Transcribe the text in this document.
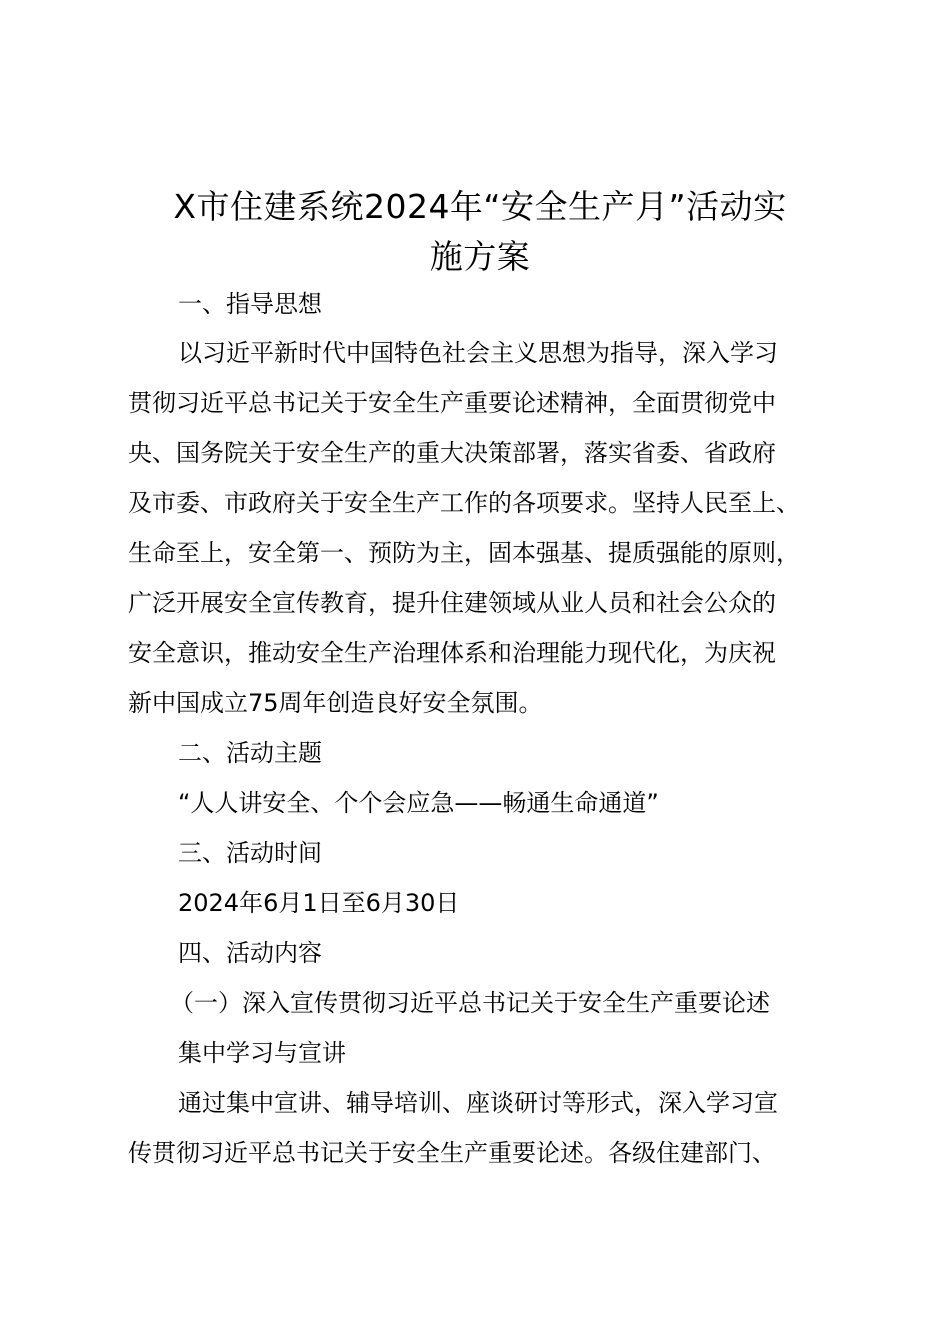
X市住建系统2024年“安全生产月”活动实
施方案
一、指导思想
以习近平新时代中国特色社会主义思想为指导，深入学习
贯彻习近平总书记关于安全生产重要论述精神，全面贯彻党中
央、国务院关于安全生产的重大决策部署，落实省委、省政府
及市委、市政府关于安全生产工作的各项要求。坚持人民至上、
生命至上，安全第一、预防为主，固本强基、提质强能的原则，
广泛开展安全宣传教育，提升住建领域从业人员和社会公众的
安全意识，推动安全生产治理体系和治理能力现代化，为庆祝
新中国成立75周年创造良好安全氛围。
二、活动主题
“人人讲安全、个个会应急——畅通生命通道”
三、活动时间
2024年6月1日至6月30日
四、活动内容
（一）深入宣传贯彻习近平总书记关于安全生产重要论述
集中学习与宣讲
通过集中宣讲、辅导培训、座谈研讨等形式，深入学习宣
传贯彻习近平总书记关于安全生产重要论述。各级住建部门、
